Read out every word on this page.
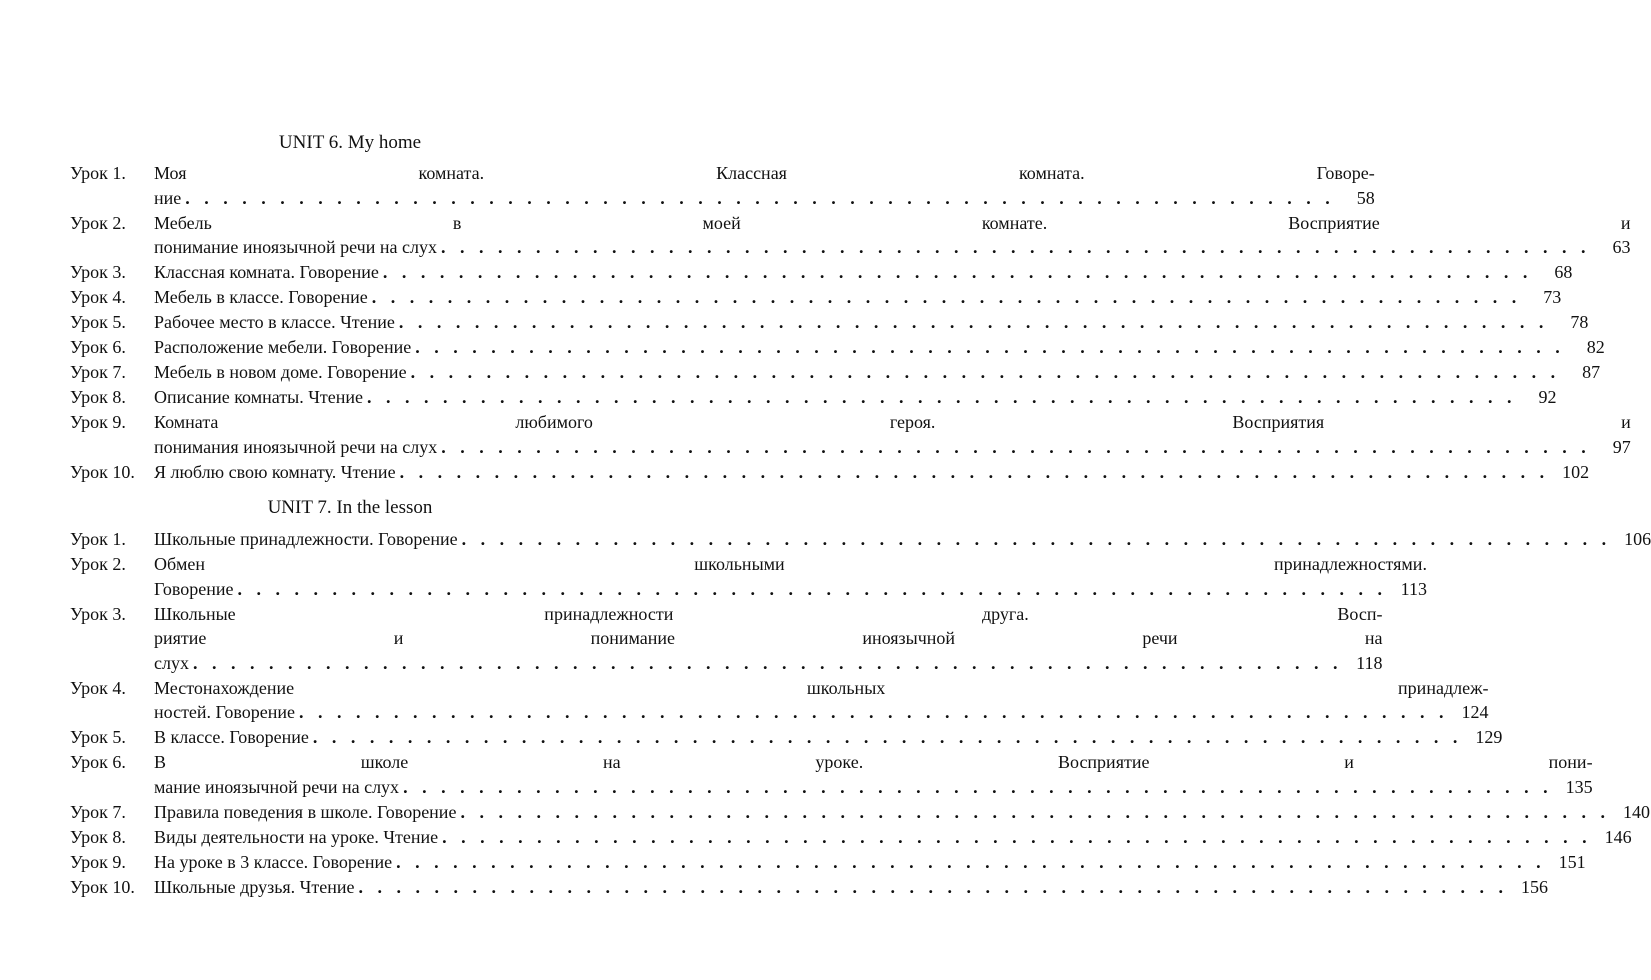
UNIT 6. My home
Урок 1.	Моя комната. Классная комната. Говоре-
ние . . .	58
Урок 2.	Мебель в моей комнате. Восприятие и
понимание иноязычной речи на слух . . .	63
Урок 3.	Классная комната. Говорение . . .	68
Урок 4.	Мебель в классе. Говорение . . .	73
Урок 5.	Рабочее место в классе. Чтение . . .	78
Урок 6.	Расположение мебели. Говорение . . .	82
Урок 7.	Мебель в новом доме. Говорение . . .	87
Урок 8.	Описание комнаты. Чтение . . .	92
Урок 9.	Комната любимого героя. Восприятия и
понимания иноязычной речи на слух . . .	97
Урок 10.	Я люблю свою комнату. Чтение . . .	102
UNIT 7. In the lesson
Урок 1.	Школьные принадлежности. Говорение . . .	106
Урок 2.	Обмен школьными принадлежностями.
Говорение . . .	113
Урок 3.	Школьные принадлежности друга. Восп-
риятие и понимание иноязычной речи на
слух . . .	118
Урок 4.	Местонахождение школьных принадлеж-
ностей. Говорение . . .	124
Урок 5.	В классе. Говорение . . .	129
Урок 6.	В школе на уроке. Восприятие и пони-
мание иноязычной речи на слух . . .	135
Урок 7.	Правила поведения в школе. Говорение . . .	140
Урок 8.	Виды деятельности на уроке. Чтение . . .	146
Урок 9.	На уроке в 3 классе. Говорение . . .	151
Урок 10.	Школьные друзья. Чтение . . .	156
